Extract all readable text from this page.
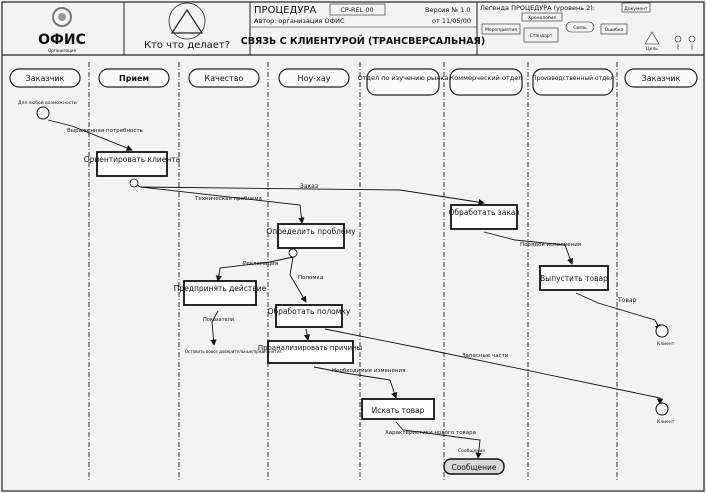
ОФИС
Организация	Кто что делает?
ПРОЦЕДУРА	CP-REL 00	Версия № 1.0
Автор: организация ОФИС	от 11/05/00
СВЯЗЬ С КЛИЕНТУРОЙ (ТРАНСВЕРСАЛЬНАЯ)
Легенда ПРОЦЕДУРА (уровень 2):	Документ
Хронология
Мероприятия
Стандарт
Связь	Ошибка
Цель
Заказчик	Прием	Качество	Ноу-хау	Отдел по изучению рынка Коммерческий отдел Производственный отдел	Заказчик
Ориентировать клиента
Определить проблему
Обработать заказ
Выпустить товар
Предпринять действие
Обработать поломку
Проанализировать причины
Искать товар
Сообщение
Для любой возможности
Выраженная потребность
Заказ
Техническая проблема
Рекламация
Поломка
Порядок исполнения
Товар
Показатели
Оставить вовсе доверительные/предприятия
Запасные части
Необходимые изменения
Характеристики нового товара
Сообщение
Клиент
Клиент
